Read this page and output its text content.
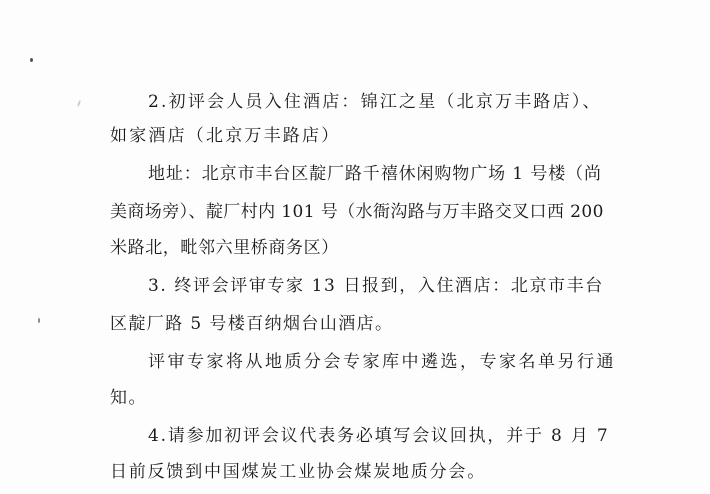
2.初评会人员入住酒店：锦江之星（北京万丰路店）、
如家酒店（北京万丰路店）
地址：北京市丰台区靛厂路千禧休闲购物广场 1 号楼（尚
美商场旁）、靛厂村内 101 号（水衙沟路与万丰路交叉口西 200
米路北，毗邻六里桥商务区）
3. 终评会评审专家 13 日报到，入住酒店：北京市丰台
区靛厂路 5 号楼百纳烟台山酒店。
评审专家将从地质分会专家库中遴选，专家名单另行通
知。
4.请参加初评会议代表务必填写会议回执，并于 8 月 7
日前反馈到中国煤炭工业协会煤炭地质分会。
